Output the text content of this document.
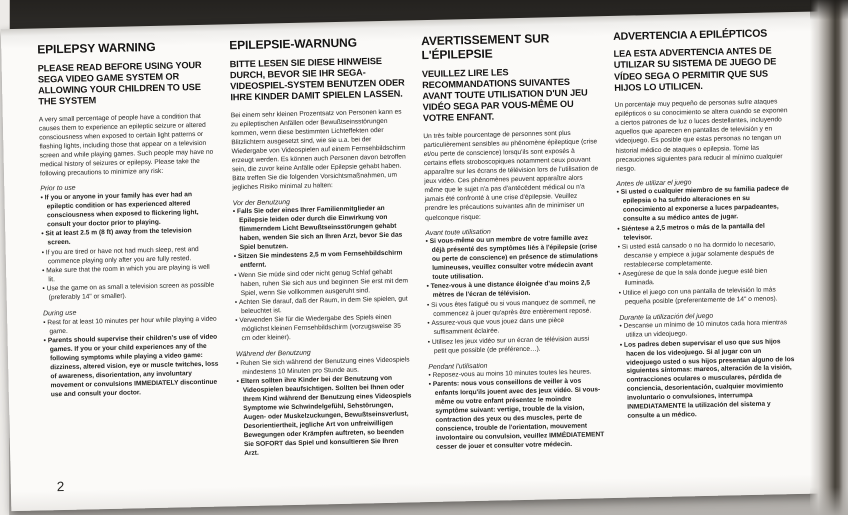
EPILEPSY WARNING
PLEASE READ BEFORE USING YOUR SEGA VIDEO GAME SYSTEM OR ALLOWING YOUR CHILDREN TO USE THE SYSTEM

A very small percentage of people have a condition that causes them to experience an epileptic seizure or altered consciousness when exposed to certain light patterns or flashing lights, including those that appear on a television screen and while playing games. Such people may have no medical history of seizures or epilepsy. Please take the following precautions to minimize any risk:

Prior to use
• If you or anyone in your family has ever had an epileptic condition or has experienced altered consciousness when exposed to flickering light, consult your doctor prior to playing.
• Sit at least 2.5 m (8 ft) away from the television screen.
• If you are tired or have not had much sleep, rest and commence playing only after you are fully rested.
• Make sure that the room in which you are playing is well lit.
• Use the game on as small a television screen as possible (preferably 14" or smaller).
During use
• Rest for at least 10 minutes per hour while playing a video game.
• Parents should supervise their children's use of video games. If you or your child experiences any of the following symptoms while playing a video game: dizziness, altered vision, eye or muscle twitches, loss of awareness, disorientation, any involuntary movement or convulsions IMMEDIATELY discontinue use and consult your doctor.
EPILEPSIE-WARNUNG
BITTE LESEN SIE DIESE HINWEISE DURCH, BEVOR SIE IHR SEGA-VIDEOSPIEL-SYSTEM BENUTZEN ODER IHRE KINDER DAMIT SPIELEN LASSEN.

Bei einem sehr kleinen Prozentsatz von Personen kann es zu epileptischen Anfällen oder Bewußtseinsstörungen kommen, wenn diese bestimmten Lichteffekten oder Blitzlichtern ausgesetzt sind, wie sie u.a. bei der Wiedergabe von Videospielen auf einem Fernsehbildschirm erzeugt werden. Es können auch Personen davon betroffen sein, die zuvor keine Anfälle oder Epilepsie gehabt haben. Bitte treffen Sie die folgenden Vorsichtsmaßnahmen, um jegliches Risiko minimal zu halten:

Vor der Benutzung
• Falls Sie oder eines Ihrer Familienmitglieder an Epilepsie leiden oder durch die Einwirkung von flimmerndem Licht Bewußtseinsstörungen gehabt haben, wenden Sie sich an Ihren Arzt, bevor Sie das Spiel benutzen.
• Sitzen Sie mindestens 2,5 m vom Fernsehbildschirm entfernt.
• Wenn Sie müde sind oder nicht genug Schlaf gehabt haben, ruhen Sie sich aus und beginnen Sie erst mit dem Spiel, wenn Sie vollkommen ausgeruht sind.
• Achten Sie darauf, daß der Raum, in dem Sie spielen, gut beleuchtet ist.
• Verwenden Sie für die Wiedergabe des Spiels einen möglichst kleinen Fernsehbildschirm (vorzugsweise 35 cm oder kleiner).
Während der Benutzung
• Ruhen Sie sich während der Benutzung eines Videospiels mindestens 10 Minuten pro Stunde aus.
• Eltern sollten ihre Kinder bei der Benutzung von Videospielen beaufsichtigen. Sollten bei Ihnen oder Ihrem Kind während der Benutzung eines Videospiels Symptome wie Schwindelgefühl, Sehstörungen, Augen- oder Muskelzuckungen, Bewußtseinsverlust, Desorientiertheit, jegliche Art von unfreiwilligen Bewegungen oder Krämpfen auftreten, so beenden Sie SOFORT das Spiel und konsultieren Sie Ihren Arzt.
AVERTISSEMENT SUR L'ÉPILEPSIE
VEUILLEZ LIRE LES RECOMMANDATIONS SUIVANTES AVANT TOUTE UTILISATION D'UN JEU VIDÉO SEGA PAR VOUS-MÊME OU VOTRE ENFANT.

Un très faible pourcentage de personnes sont plus particulièrement sensibles au phénomène épileptique (crise et/ou perte de conscience) lorsqu'ils sont exposés à certains effets stroboscopiques notamment ceux pouvant apparaître sur les écrans de télévision lors de l'utilisation de jeux vidéo. Ces phénomènes peuvent apparaître alors même que le sujet n'a pas d'antécédent médical ou n'a jamais été confronté à une crise d'épilepsie. Veuillez prendre les précautions suivantes afin de minimiser un quelconque risque:

Avant toute utilisation
• Si vous-même ou un membre de votre famille avez déjà présenté des symptômes liés à l'épilepsie (crise ou perte de conscience) en présence de stimulations lumineuses, veuillez consulter votre médecin avant toute utilisation.
• Tenez-vous à une distance éloignée d'au moins 2,5 mètres de l'écran de télévision.
• Si vous êtes fatigué ou si vous manquez de sommeil, ne commencez à jouer qu'après être entièrement reposé.
• Assurez-vous que vous jouez dans une pièce suffisamment éclairée.
• Utilisez les jeux vidéo sur un écran de télévision aussi petit que possible (de préférence…).
Pendant l'utilisation
• Reposez-vous au moins 10 minutes toutes les heures.
• Parents: nous vous conseillons de veiller à vos enfants lorqu'ils jouent avec des jeux vidéo. Si vous-même ou votre enfant présentez le moindre symptôme suivant: vertige, trouble de la vision, contraction des yeux ou des muscles, perte de conscience, trouble de l'orientation, mouvement involontaire ou convulsion, veuillez IMMÉDIATEMENT cesser de jouer et consulter votre médecin.
ADVERTENCIA A EPILÉPTICOS
LEA ESTA ADVERTENCIA ANTES DE UTILIZAR SU SISTEMA DE JUEGO DE VÍDEO SEGA O PERMITIR QUE SUS HIJOS LO UTILICEN.

Un porcentaje muy pequeño de personas sufre ataques epilépticos o su conocimiento se altera cuando se exponen a ciertos patrones de luz o luces destellantes, incluyendo aquellos que aparecen en pantallas de televisión y en videojuego. Es posible que estas personas no tengan un historial médico de ataques o epilepsia. Tome las precauciones siguientes para reducir al mínimo cualquier riesgo.

Antes de utilizar el juego
• Si usted o cualquier miembro de su familia padece de epilepsia o ha sufrido alteraciones en su conocimiento al exponerse a luces parpadeantes, consulte a su médico antes de jugar.
• Siéntese a 2,5 metros o más de la pantalla del televisor.
• Si usted está cansado o no ha dormido lo necesario, descanse y empiece a jugar solamente después de restablecerse completamente.
• Asegúrese de que la sala donde juegue esté bien iluminada.
• Utilice el juego con una pantalla de televisión lo más pequeña posible (preferentemente de 14" o menos).
Durante la utilización del juego
• Descanse un mínimo de 10 minutos cada hora mientras utiliza un videojuego.
• Los padres deben supervisar el uso que sus hijos hacen de los videojuego. Si al jugar con un videojuego usted o sus hijos presentan alguno de los siguientes síntomas: mareos, alteración de la visión, contracciones oculares o musculares, pérdida de conciencia, desorientación, cualquier movimiento involuntario o convulsiones, interrumpa INMEDIATAMENTE la utilización del sistema y consulte a un médico.
2
